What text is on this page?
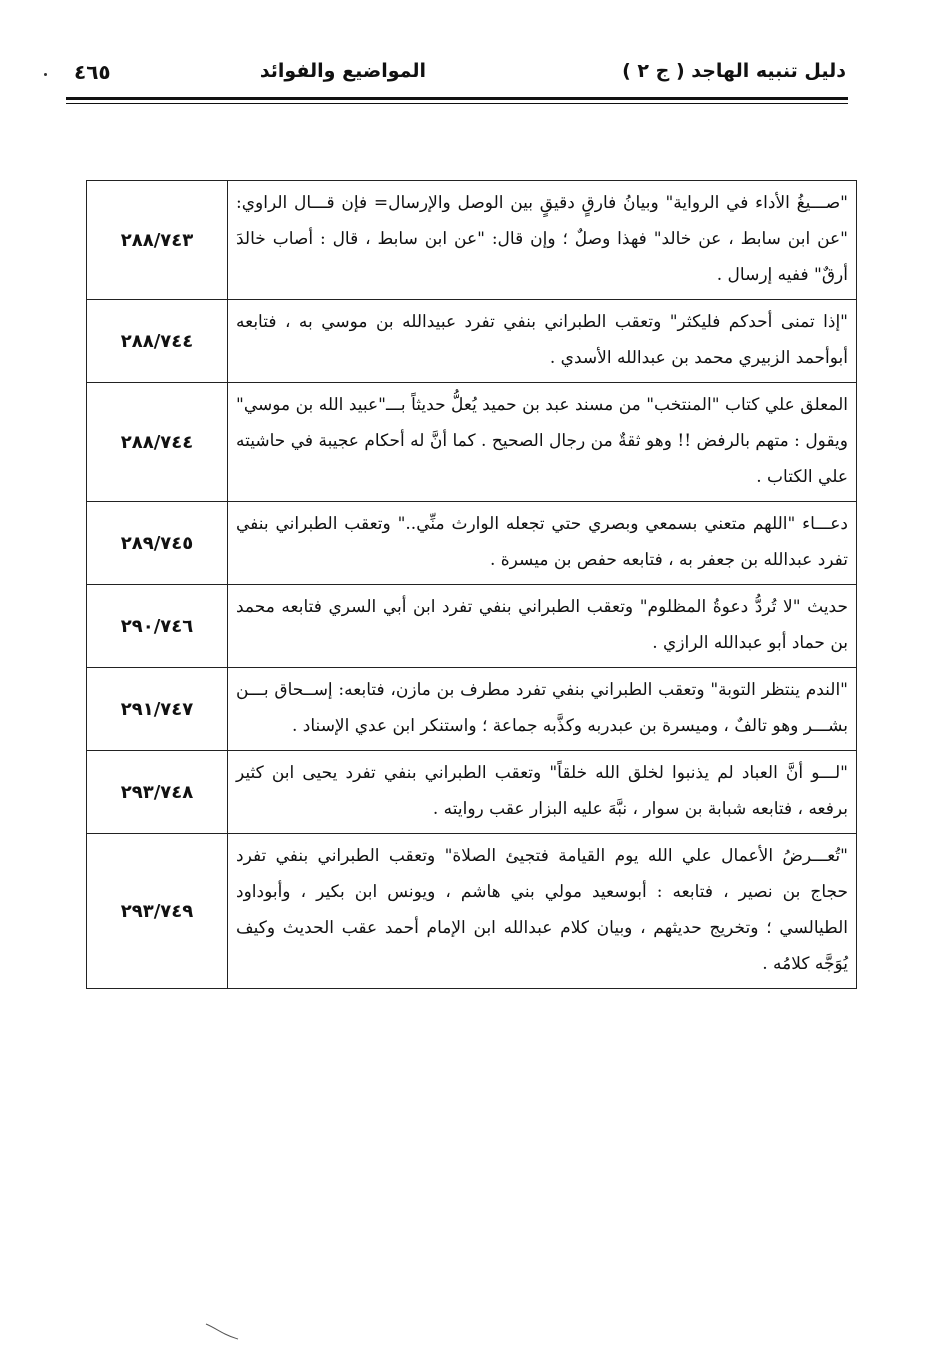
دليل تنبيه الهاجد ( ج ٢ )
المواضيع والفوائد
٤٦٥
"صـــيغُ الأداء في الرواية" وبيانُ فارقٍ دقيقٍ بين الوصل والإرسال= فإن قـــال الراوي: "عن ابن سابط ، عن خالد" فهذا وصلٌ ؛ وإن قال: "عن ابن سابط ، قال : أصاب خالدَ أرقٌ" ففيه إرسال .	٢٨٨/٧٤٣
"إذا تمنى أحدكم فليكثر" وتعقب الطبراني بنفي تفرد عبيدالله بن موسي به ، فتابعه أبوأحمد الزبيري محمد بن عبدالله الأسدي .	٢٨٨/٧٤٤
المعلق علي كتاب "المنتخب" من مسند عبد بن حميد يُعلُّ حديثاً بـــ"عبيد الله بن موسي" ويقول : متهم بالرفض !! وهو ثقةٌ من رجال الصحيح . كما أنَّ له أحكام عجيبة في حاشيته علي الكتاب .	٢٨٨/٧٤٤
دعـــاء "اللهم متعني بسمعي وبصري حتي تجعله الوارث منِّي.." وتعقب الطبراني بنفي تفرد عبدالله بن جعفر به ، فتابعه حفص بن ميسرة .	٢٨٩/٧٤٥
حديث "لا تُردُّ دعوةُ المظلوم" وتعقب الطبراني بنفي تفرد ابن أبي السري فتابعه محمد بن حماد أبو عبدالله الرازي .	٢٩٠/٧٤٦
"الندم ينتظر التوبة" وتعقب الطبراني بنفي تفرد مطرف بن مازن، فتابعه: إســحاق بـــن بشـــر وهو تالفٌ ، وميسرة بن عبدربه وكذَّبه جماعة ؛ واستنكر ابن عدي الإسناد .	٢٩١/٧٤٧
"لـــو أنَّ العباد لم يذنبوا لخلق الله خلقاً" وتعقب الطبراني بنفي تفرد يحيى ابن كثير برفعه ، فتابعه شبابة بن سوار ، نبَّهَ عليه البزار عقب روايته .	٢٩٣/٧٤٨
"تُعـــرضُ الأعمال علي الله يوم القيامة فتجيئ الصلاة" وتعقب الطبراني بنفي تفرد حجاج بن نصير ، فتابعه : أبوسعيد مولي بني هاشم ، ويونس ابن بكير ، وأبوداود الطيالسي ؛ وتخريج حديثهم ، وبيان كلام عبدالله ابن الإمام أحمد عقب الحديث وكيف يُوَجَّه كلامُه .	٢٩٣/٧٤٩
